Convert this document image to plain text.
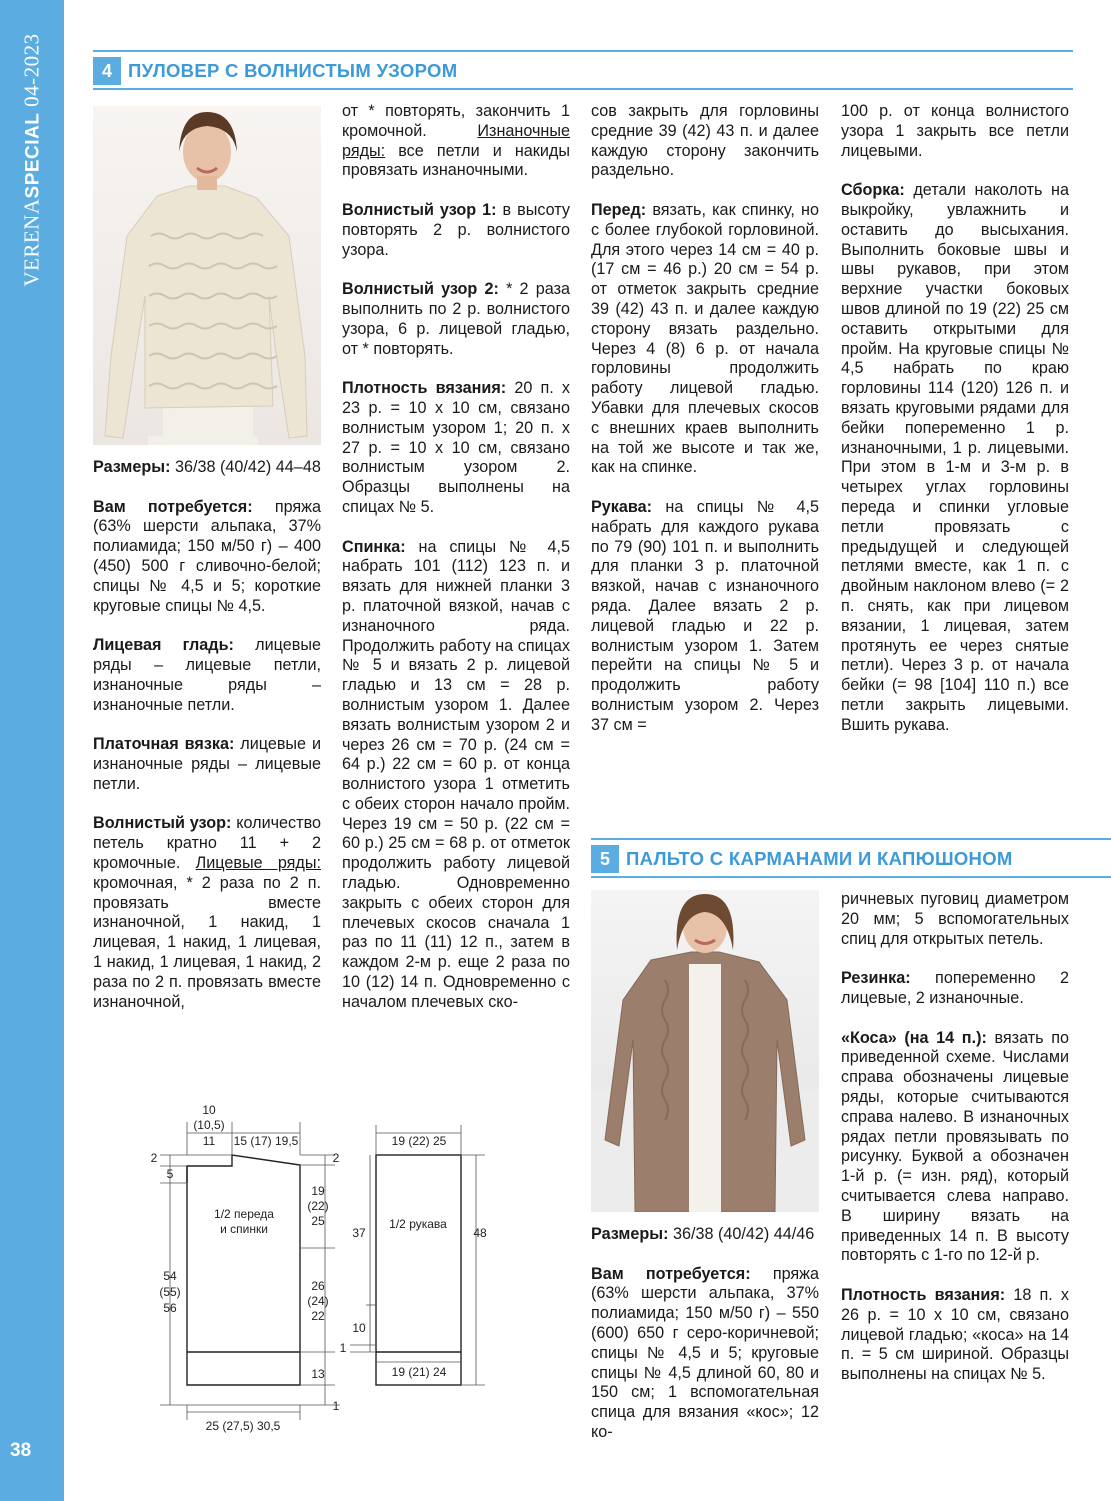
VERENASPECIAL 04-2023
38
4 ПУЛОВЕР С ВОЛНИСТЫМ УЗОРОМ

Размеры: 36/38 (40/42) 44–48

Вам потребуется: пряжа (63% шерсти альпака, 37% полиамида; 150 м/50 г) – 400 (450) 500 г сливочно-белой; спицы № 4,5 и 5; короткие круговые спицы № 4,5.

Лицевая гладь: лицевые ряды – лицевые петли, изнаночные ряды – изнаночные петли.

Платочная вязка: лицевые и изнаночные ряды – лицевые петли.

Волнистый узор: количество петель кратно 11 + 2 кромочные. Лицевые ряды: кромочная, * 2 раза по 2 п. провязать вместе изнаночной, 1 накид, 1 лицевая, 1 накид, 1 лицевая, 1 накид, 1 лицевая, 1 накид, 2 раза по 2 п. провязать вместе изнаночной,

от * повторять, закончить 1 кромочной. Изнаночные ряды: все петли и накиды провязать изнаночными.

Волнистый узор 1: в высоту повторять 2 р. волнистого узора.

Волнистый узор 2: * 2 раза выполнить по 2 р. волнистого узора, 6 р. лицевой гладью, от * повторять.

Плотность вязания: 20 п. х 23 р. = 10 х 10 см, связано волнистым узором 1; 20 п. х 27 р. = 10 х 10 см, связано волнистым узором 2. Образцы выполнены на спицах № 5.

Спинка: на спицы № 4,5 набрать 101 (112) 123 п. и вязать для нижней планки 3 р. платочной вязкой, начав с изнаночного ряда. Продолжить работу на спицах № 5 и вязать 2 р. лицевой гладью и 13 см = 28 р. волнистым узором 1. Далее вязать волнистым узором 2 и через 26 см = 70 р. (24 см = 64 р.) 22 см = 60 р. от конца волнистого узора 1 отметить с обеих сторон начало пройм. Через 19 см = 50 р. (22 см = 60 р.) 25 см = 68 р. от отметок продолжить работу лицевой гладью. Одновременно закрыть с обеих сторон для плечевых скосов сначала 1 раз по 11 (11) 12 п., затем в каждом 2-м р. еще 2 раза по 10 (12) 14 п. Одновременно с началом плечевых ско-

сов закрыть для горловины средние 39 (42) 43 п. и далее каждую сторону закончить раздельно.

Перед: вязать, как спинку, но с более глубокой горловиной. Для этого через 14 см = 40 р. (17 см = 46 р.) 20 см = 54 р. от отметок закрыть средние 39 (42) 43 п. и далее каждую сторону вязать раздельно. Через 4 (8) 6 р. от начала горловины продолжить работу лицевой гладью. Убавки для плечевых скосов с внешних краев выполнить на той же высоте и так же, как на спинке.

Рукава: на спицы № 4,5 набрать для каждого рукава по 79 (90) 101 п. и выполнить для планки 3 р. платочной вязкой, начав с изнаночного ряда. Далее вязать 2 р. лицевой гладью и 22 р. волнистым узором 1. Затем перейти на спицы № 5 и продолжить работу волнистым узором 2. Через 37 см =

100 р. от конца волнистого узора 1 закрыть все петли лицевыми.

Сборка: детали наколоть на выкройку, увлажнить и оставить до высыхания. Выполнить боковые швы и швы рукавов, при этом верхние участки боковых швов длиной по 19 (22) 25 см оставить открытыми для пройм. На круговые спицы № 4,5 набрать по краю горловины 114 (120) 126 п. и вязать круговыми рядами для бейки попеременно 1 р. изнаночными, 1 р. лицевыми. При этом в 1-м и 3-м р. в четырех углах горловины переда и спинки угловые петли провязать с предыдущей и следующей петлями вместе, как 1 п. с двойным наклоном влево (= 2 п. снять, как при лицевом вязании, 1 лицевая, затем протянуть ее через снятые петли). Через 3 р. от начала бейки (= 98 [104] 110 п.) все петли закрыть лицевыми. Вшить рукава.

5 ПАЛЬТО С КАРМАНАМИ И КАПЮШОНОМ

Размеры: 36/38 (40/42) 44/46

Вам потребуется: пряжа (63% шерсти альпака, 37% полиамида; 150 м/50 г) – 550 (600) 650 г серо-коричневой; спицы № 4,5 и 5; круговые спицы № 4,5 длиной 60, 80 и 150 см; 1 вспомогательная спица для вязания «кос»; 12 ко-

ричневых пуговиц диаметром 20 мм; 5 вспомогательных спиц для открытых петель.

Резинка: попеременно 2 лицевые, 2 изнаночные.

«Коса» (на 14 п.): вязать по приведенной схеме. Числами справа обозначены лицевые ряды, которые считываются справа налево. В изнаночных рядах петли провязывать по рисунку. Буквой a обозначен 1-й р. (= изн. ряд), который считывается слева направо. В ширину вязать на приведенных 14 п. В высоту повторять с 1-го по 12-й р.

Плотность вязания: 18 п. х 26 р. = 10 х 10 см, связано лицевой гладью; «коса» на 14 п. = 5 см шириной. Образцы выполнены на спицах № 5.

10
(10,5)
11 15 (17) 19,5
2
5
2
1/2 переда
и спинки
19
(22)
25
54
(55)
56
26
(24)
22
13
1
25 (27,5) 30,5
19 (22) 25
37
1/2 рукава
48
10
1
19 (21) 24
